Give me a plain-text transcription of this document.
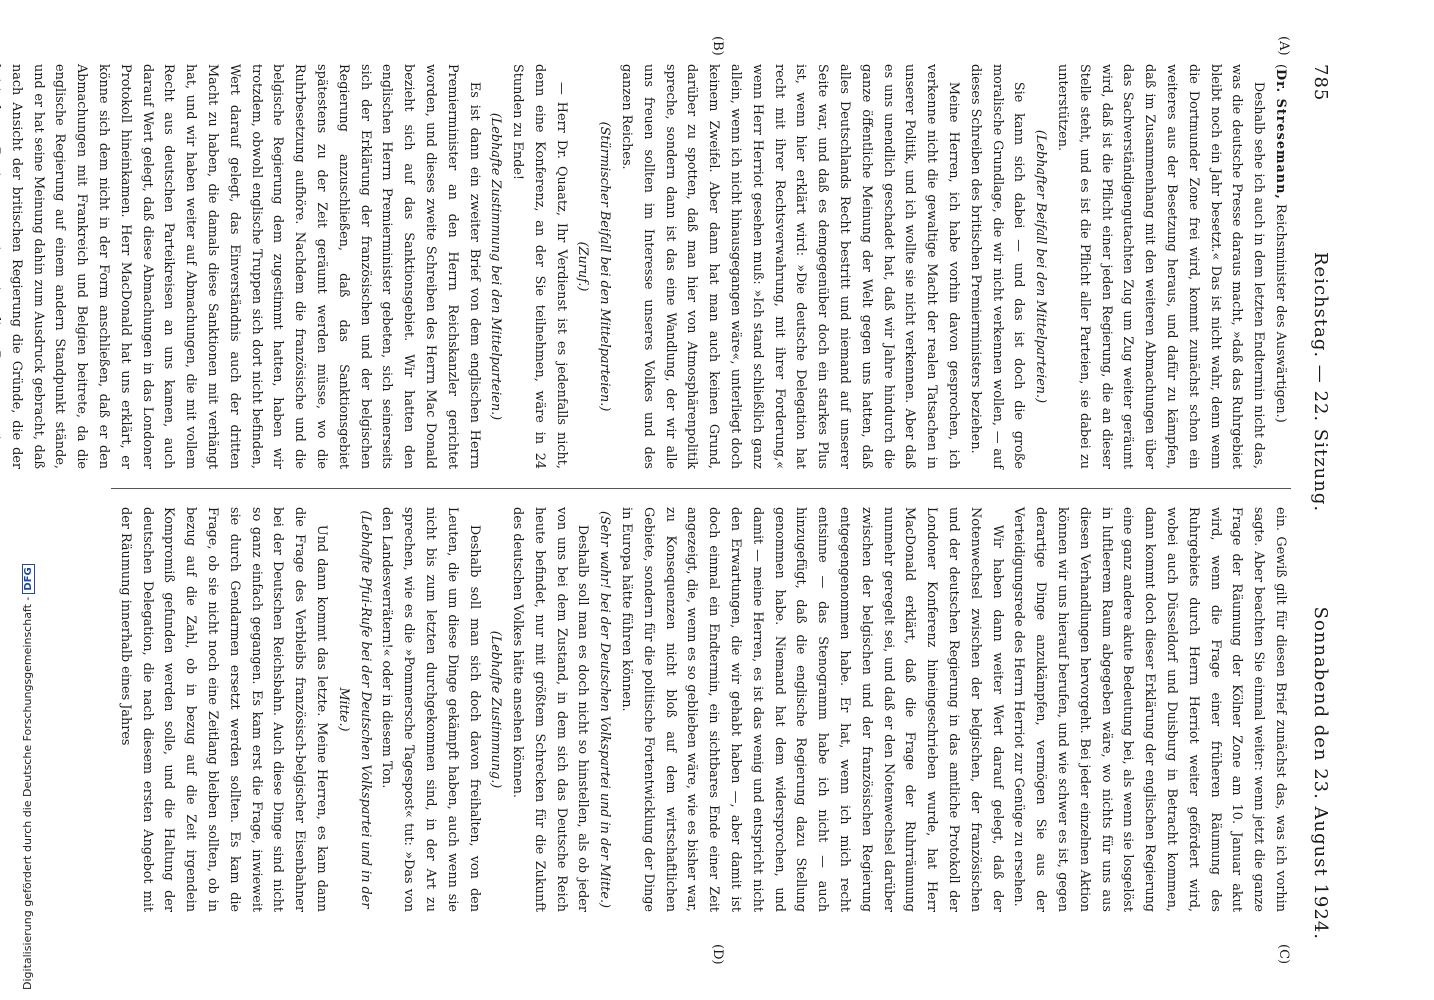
785
Reichstag. — 22. Sitzung.
Sonnabend den 23. August 1924.

(Dr. Stresemann, Reichsminister des Auswärtigen.)

Deshalb sehe ich auch in dem letzten Endtermin nicht das, was die deutsche Presse daraus macht, »daß das Ruhrgebiet bleibt noch ein Jahr besetzt.« Das ist nicht wahr, denn wenn die Dortmunder Zone frei wird, kommt zunächst schon ein weiteres aus der Besetzung heraus, und dafür zu kämpfen, daß im Zusammenhang mit den weiteren Abmachungen über das Sachverständigengutachten Zug um Zug weiter geräumt wird, daß ist die Pflicht einer jeden Regierung, die an dieser Stelle steht, und es ist die Pflicht aller Parteien, sie dabei zu unterstützen.

(Lebhafter Beifall bei den Mittelparteien.)

Sie kann sich dabei — und das ist doch die große moralische Grundlage, die wir nicht verkennen wollen, — auf dieses Schreiben des britischen Premierministers beziehen.

Meine Herren, ich habe vorhin davon gesprochen, ich verkenne nicht die gewaltige Macht der realen Tatsachen in unserer Politik, und ich wollte sie nicht verkennen. Aber daß es uns unendlich geschadet hat, daß wir Jahre hindurch die ganze öffentliche Meinung der Welt gegen uns hatten, daß alles Deutschlands Recht bestritt und niemand auf unserer Seite war, und daß es demgegenüber doch ein starkes Plus ist, wenn hier erklärt wird: »Die deutsche Delegation hat recht mit ihrer Rechtsverwahrung, mit ihrer Forderung,« wenn Herr Herriot gesehen muß: »Ich stand schließlich ganz allein, wenn ich nicht hinausgegangen wäre«, unterliegt doch keinem Zweifel. Aber dann hat man auch keinen Grund, darüber zu spotten, daß man hier von Atmosphärenpolitik spreche, sondern dann ist das eine Wandlung, der wir alle uns freuen sollten im Interesse unseres Volkes und des ganzen Reiches.

(Stürmischer Beifall bei den Mittelparteien.)

(Zuruf.)

— Herr Dr. Quaatz, Ihr Verdienst ist es jedenfalls nicht, denn eine Konferenz, an der Sie teilnehmen, wäre in 24 Stunden zu Ende!

(Lebhafte Zustimmung bei den Mittelparteien.)

Es ist dann ein zweiter Brief von dem englischen Herrn Premierminister an den Herrn Reichskanzler gerichtet worden, und dieses zweite Schreiben des Herrn Mac Donald bezieht sich auf das Sanktionsgebiet. Wir hatten den englischen Herrn Premierminister gebeten, sich seinerseits sich der Erklärung der französischen und der belgischen Regierung anzuschließen, daß das Sanktionsgebiet spätestens zu der Zeit geräumt werden müsse, wo die Ruhrbesetzung aufhöre. Nachdem die französische und die belgische Regierung dem zugestimmt hatten, haben wir trotzdem, obwohl englische Truppen sich dort nicht befinden, Wert darauf gelegt, das Einverständnis auch der dritten Macht zu haben, die damals diese Sanktionen mit verhängt hat, und wir haben weiter auf Abmachungen, die mit vollem Recht aus deutschen Parteikreisen an uns kamen, auch darauf Wert gelegt, daß diese Abmachungen in das Londoner Protokoll hineinkamen. Herr MacDonald hat uns erklärt, er könne sich dem nicht in der Form anschließen, daß er den Abmachungen mit Frankreich und Belgien beitrete, da die englische Regierung auf einem andern Standpunkt stände, und er hat seine Meinung dahin zum Ausdruck gebracht, daß nach Ansicht der britischen Regierung die Gründe, die der

ein. Gewiß gilt für diesen Brief zunächst das, was ich vorhin sagte. Aber beachten Sie einmal weiter: wenn jetzt die ganze Frage der Räumung der Kölner Zone am 10. Januar akut wird, wenn die Frage einer früheren Räumung des Ruhrgebiets durch Herrn Herriot weiter gefördert wird, wobei auch Düsseldorf und Duisburg in Betracht kommen, dann kommt doch dieser Erklärung der englischen Regierung eine ganz andere akute Bedeutung bei, als wenn sie losgelöst in luftleerem Raum abgegeben wäre, wo nichts für uns aus diesen Verhandlungen hervorgeht. Bei jeder einzelnen Aktion können wir uns hierauf berufen, und wie schwer es ist, gegen derartige Dinge anzukämpfen, vermögen Sie aus der Verteidigungsrede des Herrn Herriot zur Genüge zu ersehen.

Wir haben dann weiter Wert darauf gelegt, daß der Notenwechsel zwischen der belgischen, der französischen und der deutschen Regierung in das amtliche Protokoll der Londoner Konferenz hineingeschrieben wurde, hat Herr MacDonald erklärt, daß die Frage der Ruhrräumung nunmehr geregelt sei, und daß er den Notenwechsel darüber zwischen der belgischen und der französischen Regierung entgegengenommen habe. Er hat, wenn ich mich recht entsinne — das Stenogramm habe ich nicht — auch hinzugefügt, daß die englische Regierung dazu Stellung genommen habe. Niemand hat dem widersprochen, und damit — meine Herren, es ist das wenig und entspricht nicht den Erwartungen, die wir gehabt haben —, aber damit ist doch einmal ein Endtermin, ein sichtbares Ende einer Zeit angezeigt, die, wenn es so geblieben wäre, wie es bisher war, zu Konsequenzen nicht bloß auf dem wirtschaftlichen Gebiete, sondern für die politische Fortentwicklung der Dinge in Europa hätte führen können.

(Sehr wahr! bei der Deutschen Volkspartei und in der Mitte.)

Deshalb soll man es doch nicht so hinstellen, als ob jeder von uns bei dem Zustand, in dem sich das Deutsche Reich heute befindet, nur mit größtem Schrecken für die Zukunft des deutschen Volkes hätte ansehen können.

(Lebhafte Zustimmung.)

Deshalb soll man sich doch davon freihalten, von den Leuten, die um diese Dinge gekämpft haben, auch wenn sie nicht bis zum letzten durchgekommen sind, in der Art zu sprechen, wie es die »Pommersche Tagespost« tut: »Das von den Landesverrätern!« oder in diesem Ton.

(Lebhafte Pfui-Rufe bei der Deutschen Volkspartei und in der Mitte.)

Und dann kommt das letzte. Meine Herren, es kam dann die Frage des Verbleibs französisch-belgischer Eisenbahner bei der Deutschen Reichsbahn. Auch diese Dinge sind nicht so ganz einfach gegangen. Es kam erst die Frage, inwieweit sie durch Gendarmen ersetzt werden sollten. Es kam die Frage, ob sie nicht noch eine Zeitlang bleiben sollten, ob in bezug auf die Zahl, ob in bezug auf die Zeit irgendein Kompromiß gefunden werden solle, und die Haltung der deutschen Delegation, die nach diesem ersten Angebot mit der Räumung innerhalb eines Jahres

(A)
(B)
(C)
(D)
Digitalisierung gefördert durch die Deutsche Forschungsgemeinschaft -DFG
